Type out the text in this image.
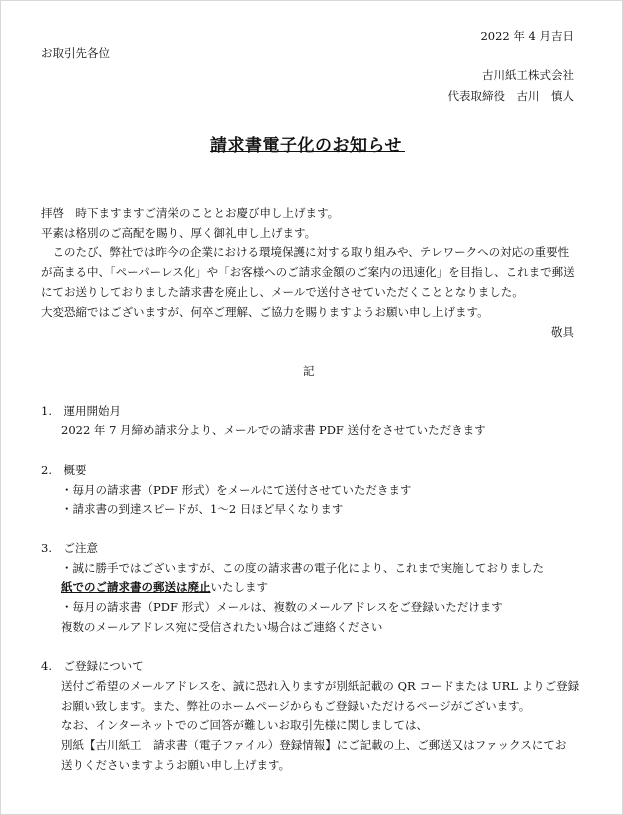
2022 年 4 月吉日
お取引先各位
古川紙工株式会社
代表取締役　古川　慎人
請求書電子化のお知らせ
拝啓　時下ますますご清栄のこととお慶び申し上げます。
平素は格別のご高配を賜り、厚く御礼申し上げます。
　このたび、弊社では昨今の企業における環境保護に対する取り組みや、テレワークへの対応の重要性
が高まる中、「ペーパーレス化」や「お客様へのご請求金額のご案内の迅速化」を目指し、これまで郵送
にてお送りしておりました請求書を廃止し、メールで送付させていただくこととなりました。
大変恐縮ではございますが、何卒ご理解、ご協力を賜りますようお願い申し上げます。
敬具
記
1.　運用開始月
2022 年 7 月締め請求分より、メールでの請求書 PDF 送付をさせていただきます
2.　概要
・毎月の請求書（PDF 形式）をメールにて送付させていただきます
・請求書の到達スピードが、1～2 日ほど早くなります
3.　ご注意
・誠に勝手ではございますが、この度の請求書の電子化により、これまで実施しておりました
紙でのご請求書の郵送は廃止いたします
・毎月の請求書（PDF 形式）メールは、複数のメールアドレスをご登録いただけます
複数のメールアドレス宛に受信されたい場合はご連絡ください
4.　ご登録について
送付ご希望のメールアドレスを、誠に恐れ入りますが別紙記載の QR コードまたは URL よりご登録
お願い致します。また、弊社のホームページからもご登録いただけるページがございます。
なお、インターネットでのご回答が難しいお取引先様に関しましては、
別紙【古川紙工　請求書（電子ファイル）登録情報】にご記載の上、ご郵送又はファックスにてお
送りくださいますようお願い申し上げます。
